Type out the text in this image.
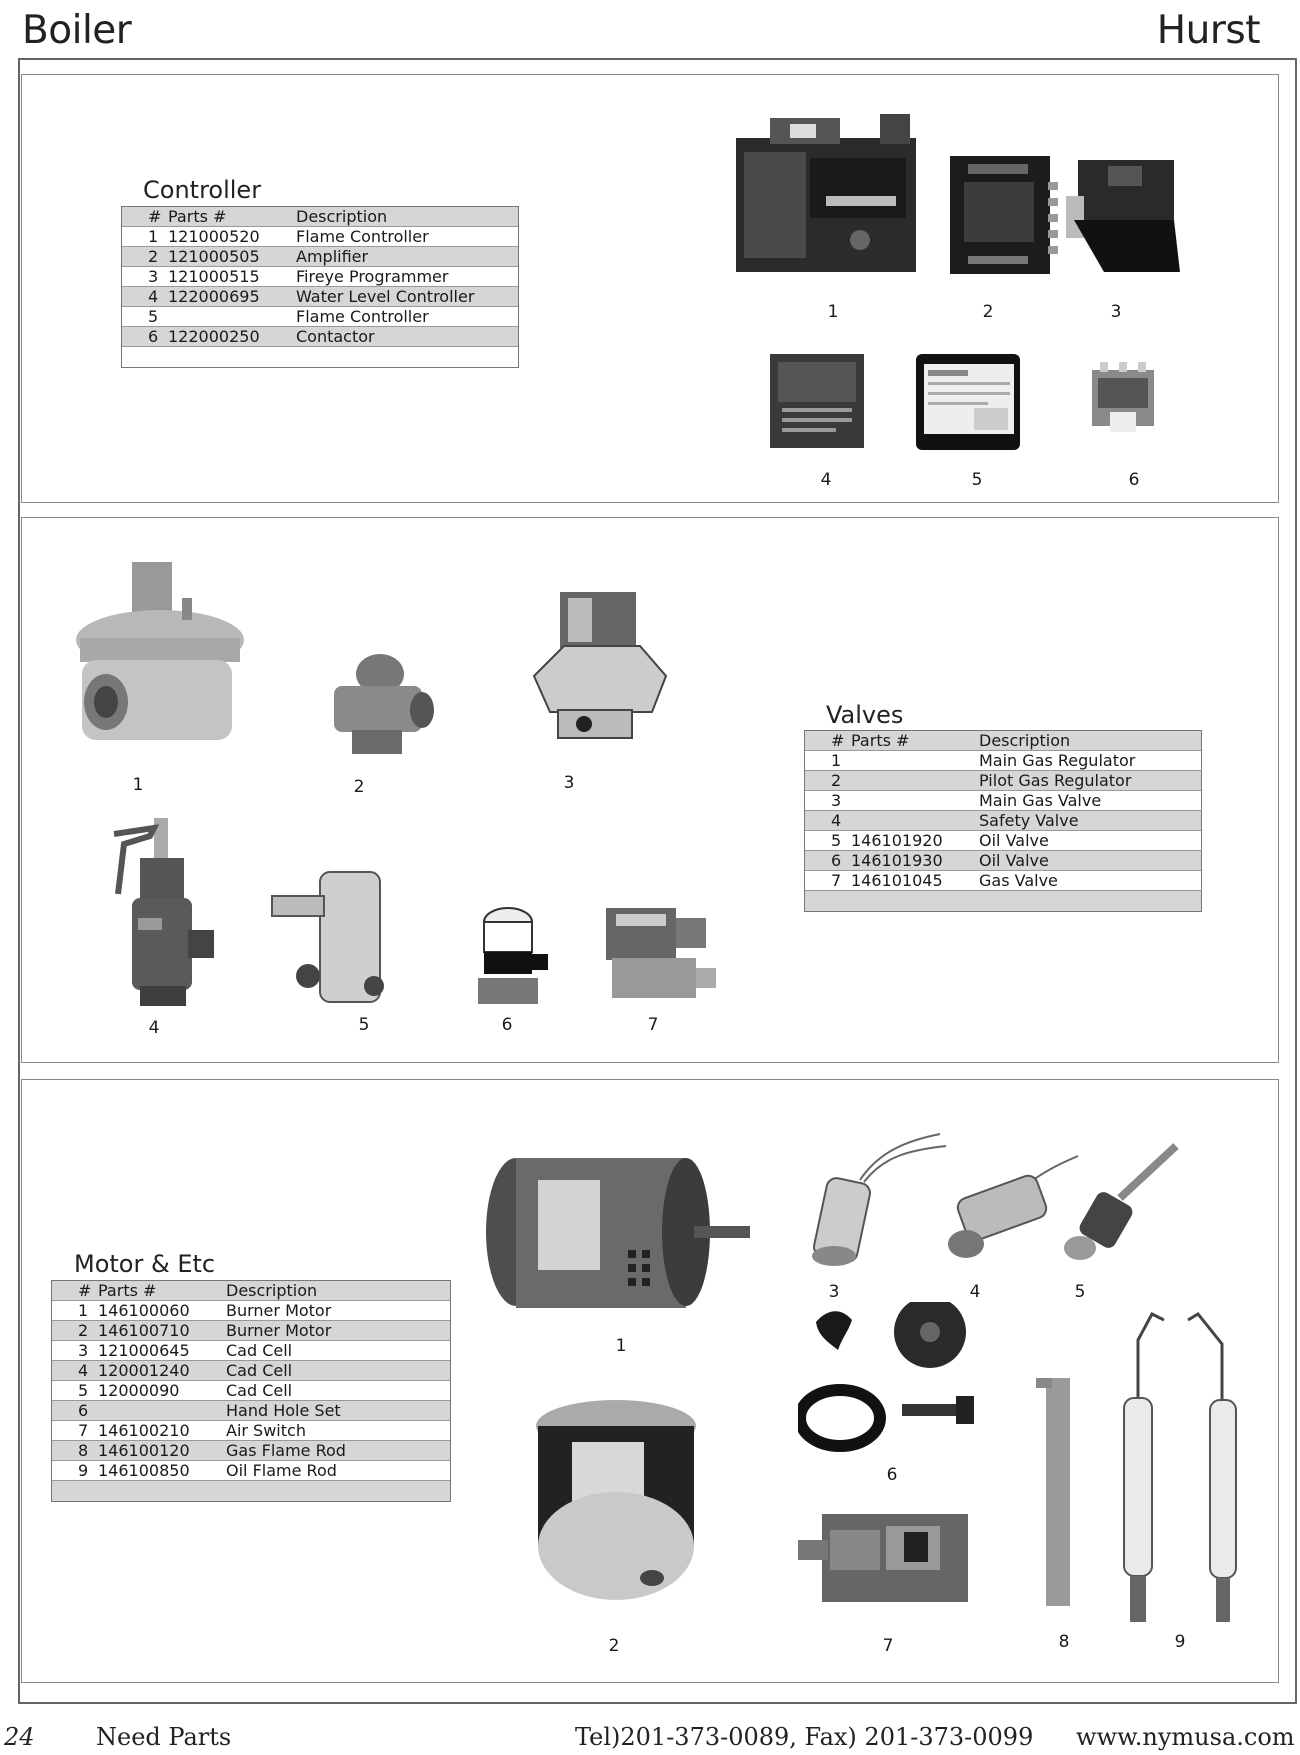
Boiler	Hurst
Controller
# Parts #	Description
1 121000520	Flame Controller
2 121000505	Amplifier
3 121000515	Fireye Programmer
4 122000695	Water Level Controller
5	Flame Controller
6 122000250	Contactor
1	2	3
4	5	6
Valves
# Parts #	Description
1	Main Gas Regulator
2	Pilot Gas Regulator
3	Main Gas Valve
4	Safety Valve
5 146101920	Oil Valve
6 146101930	Oil Valve
7 146101045	Gas Valve
1	2	3
4	5	6	7
Motor & Etc
# Parts #	Description
1 146100060	Burner Motor
2 146100710	Burner Motor
3 121000645	Cad Cell
4 120001240	Cad Cell
5 12000090	Cad Cell
6	Hand Hole Set
7 146100210	Air Switch
8 146100120	Gas Flame Rod
9 146100850	Oil Flame Rod
3	4	5
1
6
7	8	9
2
24	Need Parts	Tel)201-373-0089, Fax) 201-373-0099 www.nymusa.com
